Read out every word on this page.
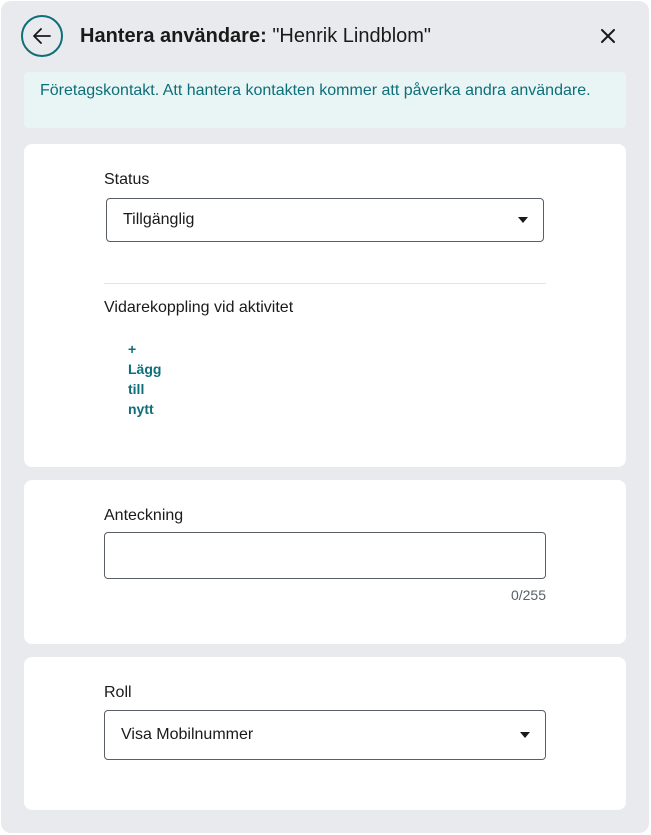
Hantera användare: "Henrik Lindblom"
Företagskontakt. Att hantera kontakten kommer att påverka andra användare.
Status
Tillgänglig
Vidarekoppling vid aktivitet
+
Lägg
till
nytt
Anteckning
0/255
Roll
Visa Mobilnummer
